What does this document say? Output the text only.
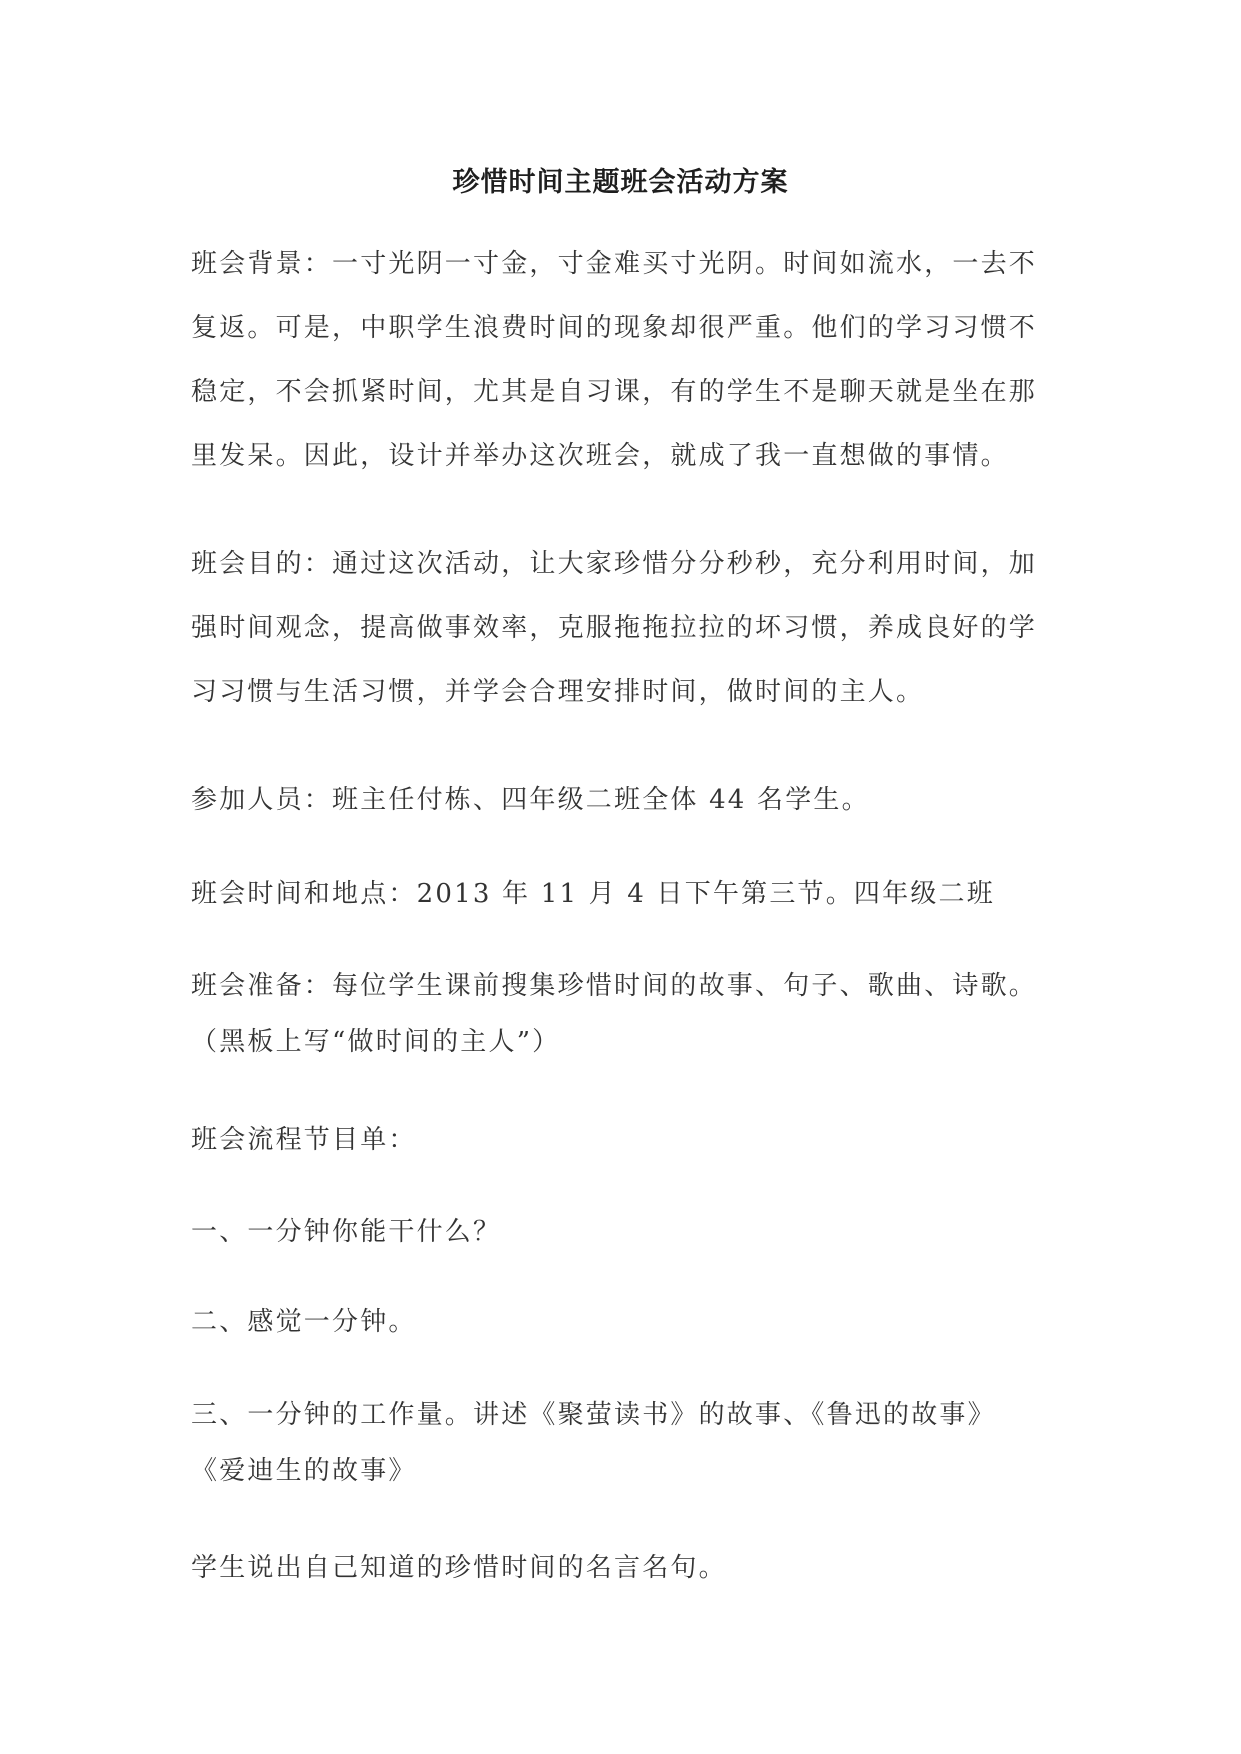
珍惜时间主题班会活动方案

班会背景：一寸光阴一寸金，寸金难买寸光阴。时间如流水，一去不
复返。可是，中职学生浪费时间的现象却很严重。他们的学习习惯不
稳定，不会抓紧时间，尤其是自习课，有的学生不是聊天就是坐在那
里发呆。因此，设计并举办这次班会，就成了我一直想做的事情。

班会目的：通过这次活动，让大家珍惜分分秒秒，充分利用时间，加
强时间观念，提高做事效率，克服拖拖拉拉的坏习惯，养成良好的学
习习惯与生活习惯，并学会合理安排时间，做时间的主人。

参加人员：班主任付栋、四年级二班全体 44 名学生。

班会时间和地点：2013 年 11 月 4 日下午第三节。四年级二班

班会准备：每位学生课前搜集珍惜时间的故事、句子、歌曲、诗歌。
（黑板上写“做时间的主人”）

班会流程节目单：

一、一分钟你能干什么？

二、感觉一分钟。

三、一分钟的工作量。讲述《聚萤读书》的故事、《鲁迅的故事》
《爱迪生的故事》

学生说出自己知道的珍惜时间的名言名句。
